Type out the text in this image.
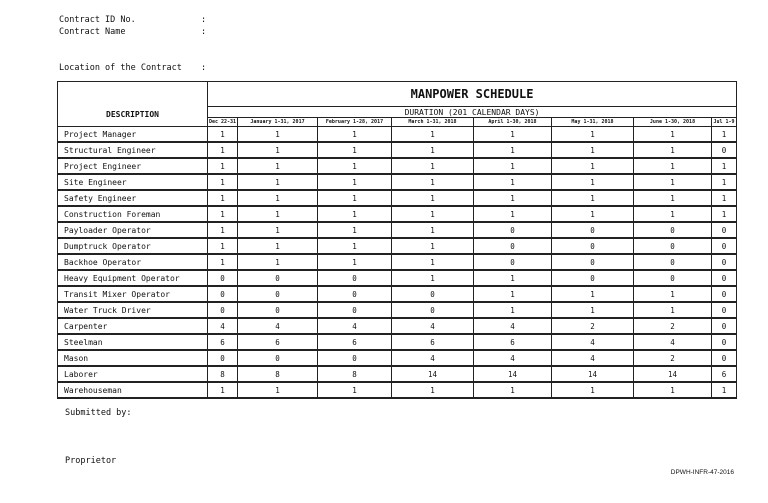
Contract ID No.	:
Contract Name	:
Location of the Contract :
DESCRIPTION	MANPOWER SCHEDULE							
	DURATION (201 CALENDAR DAYS)							
	Dec 22-31	January 1-31, 2017	February 1-28, 2017	March 1-31, 2018	April 1-30, 2018	May 1-31, 2018	June 1-30, 2018	Jul 1-9
Project Manager	1	1	1	1	1	1	1	1
Structural Engineer	1	1	1	1	1	1	1	0
Project Engineer	1	1	1	1	1	1	1	1
Site Engineer	1	1	1	1	1	1	1	1
Safety Engineer	1	1	1	1	1	1	1	1
Construction Foreman	1	1	1	1	1	1	1	1
Payloader Operator	1	1	1	1	0	0	0	0
Dumptruck Operator	1	1	1	1	0	0	0	0
Backhoe Operator	1	1	1	1	0	0	0	0
Heavy Equipment Operator	0	0	0	1	1	0	0	0
Transit Mixer Operator	0	0	0	0	1	1	1	0
Water Truck Driver	0	0	0	0	1	1	1	0
Carpenter	4	4	4	4	4	2	2	0
Steelman	6	6	6	6	6	4	4	0
Mason	0	0	0	4	4	4	2	0
Laborer	8	8	8	14	14	14	14	6
Warehouseman	1	1	1	1	1	1	1	1
Submitted by:
Proprietor
DPWH-INFR-47-2016
